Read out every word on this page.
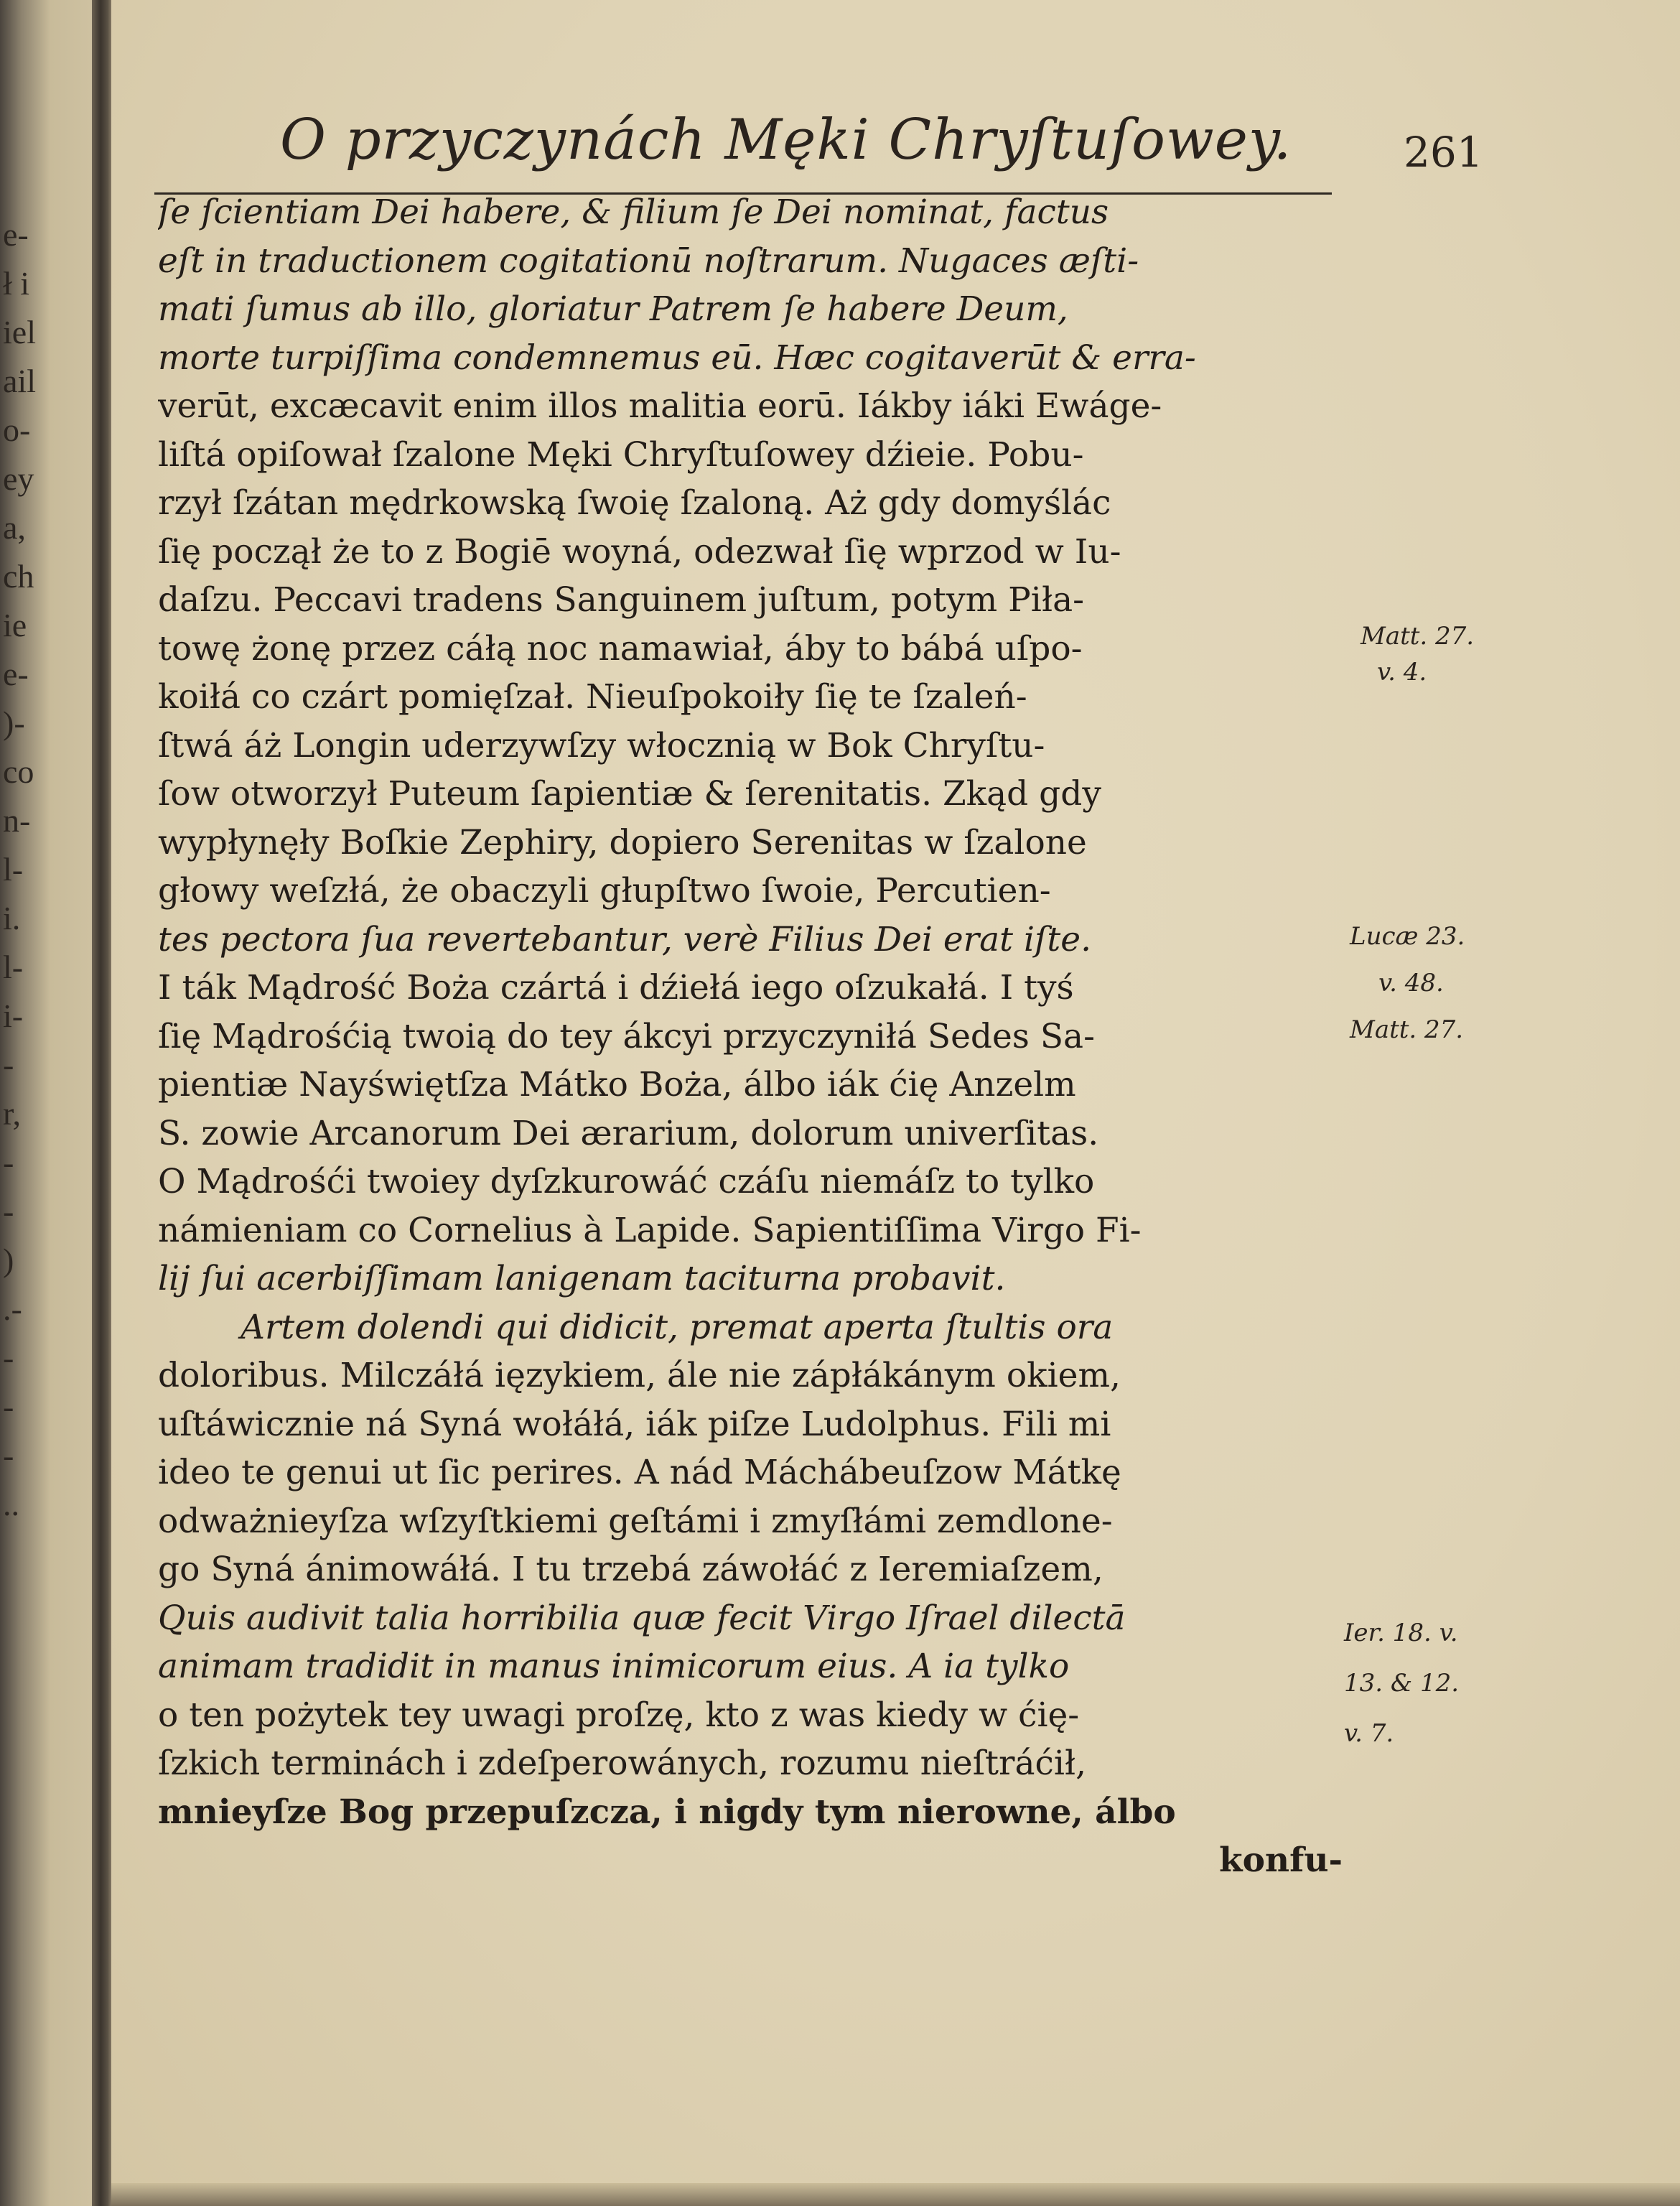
e-
ł i
iel
ail
o-
ey
a,
ch
ie
e-
)-
co
n-
l-
i.
l-
i-
-
r,
-
-
)
.-
-
-
-
..
O przyczynách Męki Chryſtuſowey.	261
ſe ſcientiam Dei habere, & filium ſe Dei nominat, factus
eſt in traductionem cogitationū noſtrarum. Nugaces æſti-
mati ſumus ab illo, gloriatur Patrem ſe habere Deum,
morte turpiſſima condemnemus eū. Hæc cogitaverūt & erra-
verūt, excæcavit enim illos malitia eorū. Iákby iáki Ewáge-
liſtá opiſował ſzalone Męki Chryſtuſowey dźieie. Pobu-
rzył ſzátan mędrkowską ſwoię ſzaloną. Aż gdy domyślác
ſię począł że to z Bogiē woyná, odezwał ſię wprzod w Iu-
daſzu. Peccavi tradens Sanguinem juſtum, potym Piła-
towę żonę przez cáłą noc namawiał, áby to bábá uſpo-
koiłá co czárt pomięſzał. Nieuſpokoiły ſię te ſzaleń-
ſtwá áż Longin uderzywſzy włocznią w Bok Chryſtu-
ſow otworzył Puteum ſapientiæ & ſerenitatis. Zkąd gdy
wypłynęły Boſkie Zephiry, dopiero Serenitas w ſzalone
głowy weſzłá, że obaczyli głupſtwo ſwoie, Percutien-
tes pectora ſua revertebantur, verè Filius Dei erat iſte.
I ták Mądrość Boża czártá i dźiełá iego oſzukałá. I tyś
ſię Mądrośćią twoią do tey ákcyi przyczyniłá Sedes Sa-
pientiæ Nayświętſza Mátko Boża, álbo iák ćię Anzelm
S. zowie Arcanorum Dei ærarium, dolorum univerſitas.
O Mądrośći twoiey dyſzkurowáć czáſu niemáſz to tylko
námieniam co Cornelius à Lapide. Sapientiſſima Virgo Fi-
lij ſui acerbiſſimam lanigenam taciturna probavit.
Artem dolendi qui didicit, premat aperta ſtultis ora
doloribus. Milczáłá ięzykiem, ále nie zápłákánym okiem,
uſtáwicznie ná Syná wołáłá, iák piſze Ludolphus. Fili mi
ideo te genui ut ſic perires. A nád Máchábeuſzow Mátkę
odważnieyſza wſzyſtkiemi geſtámi i zmyſłámi zemdlone-
go Syná ánimowáłá. I tu trzebá záwołáć z Ieremiaſzem,
Quis audivit talia horribilia quæ fecit Virgo Iſrael dilectā
animam tradidit in manus inimicorum eius. A ia tylko
o ten pożytek tey uwagi proſzę, kto z was kiedy w ćię-
ſzkich terminách i zdeſperowánych, rozumu nieſtráćił,
mnieyſze Bog przepuſzcza, i nigdy tym nierowne, álbo
konfu-
Matt. 27.
v. 4.
Lucæ 23.
v. 48.
Matt. 27.
Ier. 18. v.
13. & 12.
v. 7.
